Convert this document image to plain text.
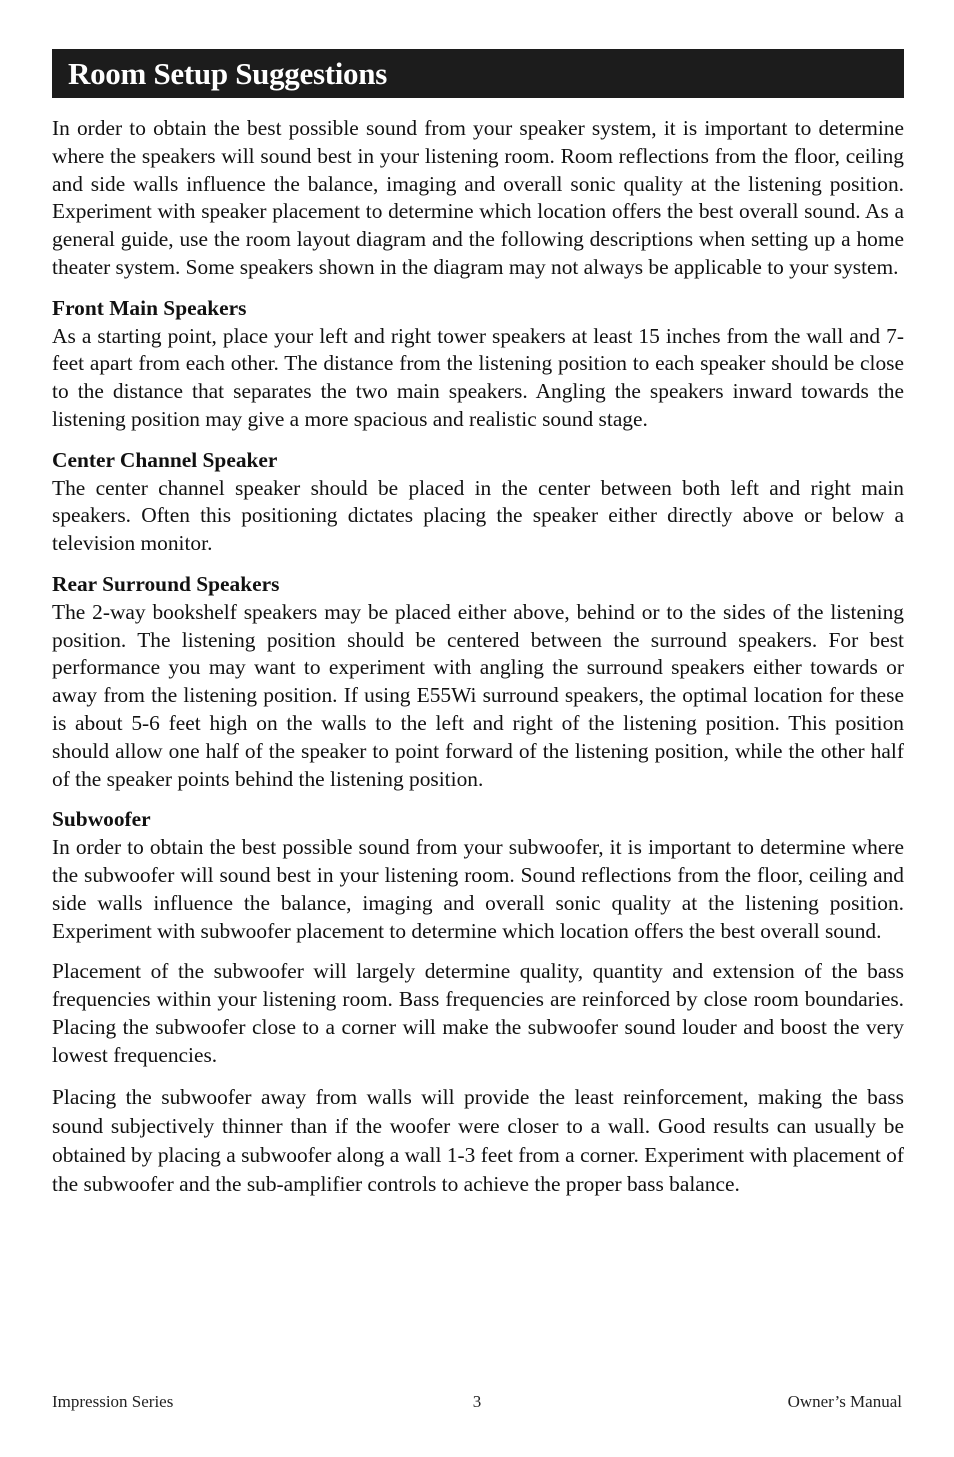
Room Setup Suggestions

In order to obtain the best possible sound from your speaker system, it is important to determine where the speakers will sound best in your listening room. Room reflections from the floor, ceiling and side walls influence the balance, imaging and overall sonic quality at the listening position. Experiment with speaker placement to determine which location offers the best overall sound. As a general guide, use the room layout diagram and the following descriptions when setting up a home theater system. Some speakers shown in the diagram may not always be applicable to your system.

Front Main Speakers

As a starting point, place your left and right tower speakers at least 15 inches from the wall and 7-feet apart from each other. The distance from the listening position to each speaker should be close to the distance that separates the two main speakers. Angling the speakers inward towards the listening position may give a more spacious and realistic sound stage.

Center Channel Speaker

The center channel speaker should be placed in the center between both left and right main speakers. Often this positioning dictates placing the speaker either directly above or below a television monitor.

Rear Surround Speakers

The 2-way bookshelf speakers may be placed either above, behind or to the sides of the listening position. The listening position should be centered between the surround speakers. For best performance you may want to experiment with angling the surround speakers either towards or away from the listening position. If using E55Wi surround speakers, the optimal location for these is about 5-6 feet high on the walls to the left and right of the listening position. This position should allow one half of the speaker to point forward of the listening position, while the other half of the speaker points behind the listening position.

Subwoofer

In order to obtain the best possible sound from your subwoofer, it is important to determine where the subwoofer will sound best in your listening room. Sound reflections from the floor, ceiling and side walls influence the balance, imaging and overall sonic quality at the listening position. Experiment with subwoofer placement to determine which location offers the best overall sound.

Placement of the subwoofer will largely determine quality, quantity and extension of the bass frequencies within your listening room. Bass frequencies are reinforced by close room boundaries. Placing the subwoofer close to a corner will make the subwoofer sound louder and boost the very lowest frequencies.

Placing the subwoofer away from walls will provide the least reinforcement, making the bass sound subjectively thinner than if the woofer were closer to a wall. Good results can usually be obtained by placing a subwoofer along a wall 1-3 feet from a corner. Experiment with placement of the subwoofer and the sub-amplifier controls to achieve the proper bass balance.

Impression Series	3	Owner’s Manual
